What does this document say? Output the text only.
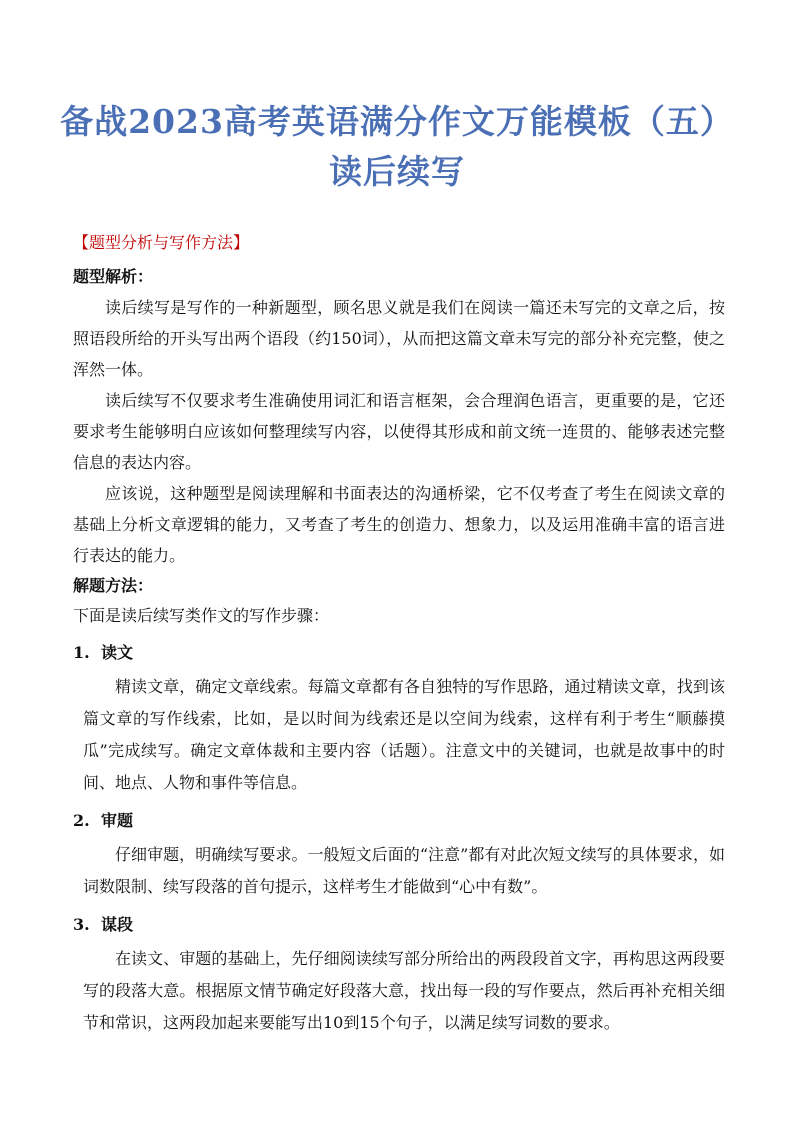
备战2023高考英语满分作文万能模板（五）
读后续写

【题型分析与写作方法】

题型解析：

读后续写是写作的一种新题型，顾名思义就是我们在阅读一篇还未写完的文章之后，按照语段所给的开头写出两个语段（约150词），从而把这篇文章未写完的部分补充完整，使之浑然一体。

读后续写不仅要求考生准确使用词汇和语言框架，会合理润色语言，更重要的是，它还要求考生能够明白应该如何整理续写内容，以使得其形成和前文统一连贯的、能够表述完整信息的表达内容。

应该说，这种题型是阅读理解和书面表达的沟通桥梁，它不仅考查了考生在阅读文章的基础上分析文章逻辑的能力，又考查了考生的创造力、想象力，以及运用准确丰富的语言进行表达的能力。

解题方法：

下面是读后续写类作文的写作步骤：

1. 读文

精读文章，确定文章线索。每篇文章都有各自独特的写作思路，通过精读文章，找到该篇文章的写作线索，比如，是以时间为线索还是以空间为线索，这样有利于考生“顺藤摸瓜”完成续写。确定文章体裁和主要内容（话题）。注意文中的关键词，也就是故事中的时间、地点、人物和事件等信息。

2. 审题

仔细审题，明确续写要求。一般短文后面的“注意”都有对此次短文续写的具体要求，如词数限制、续写段落的首句提示，这样考生才能做到“心中有数”。

3. 谋段

在读文、审题的基础上，先仔细阅读续写部分所给出的两段段首文字，再构思这两段要写的段落大意。根据原文情节确定好段落大意，找出每一段的写作要点，然后再补充相关细节和常识，这两段加起来要能写出10到15个句子，以满足续写词数的要求。
